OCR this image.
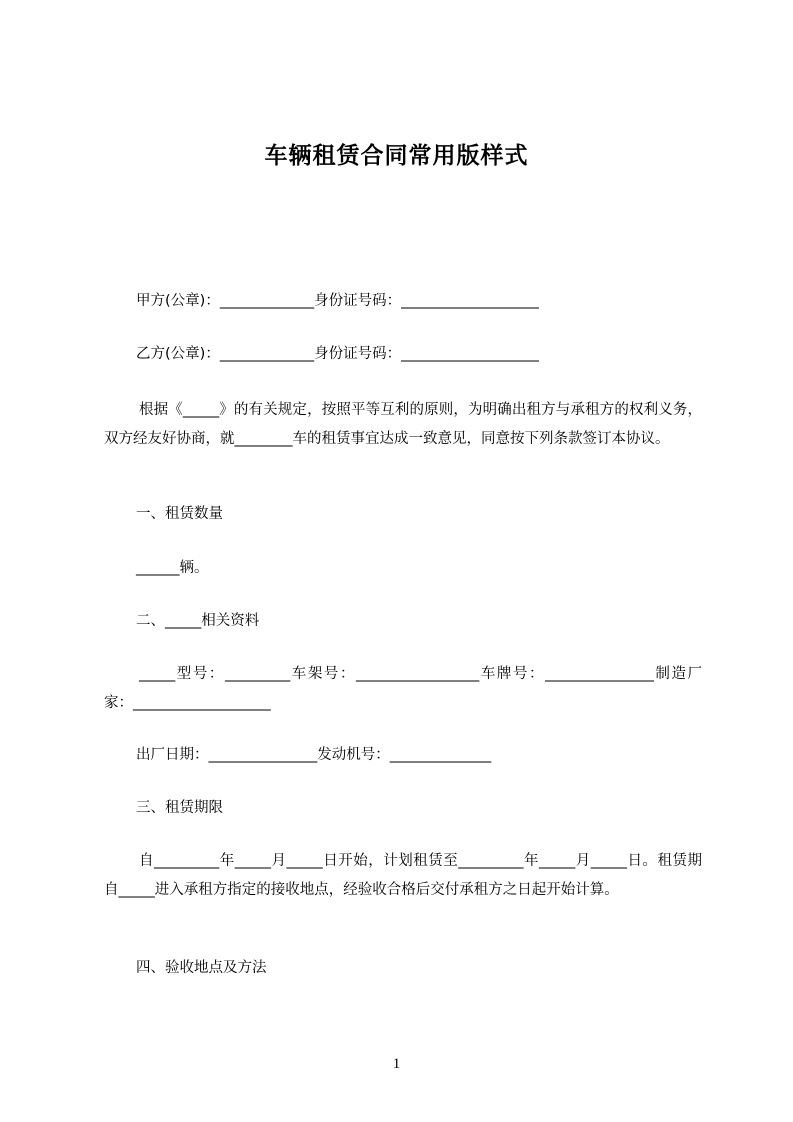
车辆租赁合同常用版样式
甲方(公章)：_____________身份证号码：___________________
乙方(公章)：_____________身份证号码：___________________
根据《_____》的有关规定，按照平等互利的原则，为明确出租方与承租方的权利义务，双方经友好协商，就________车的租赁事宜达成一致意见，同意按下列条款签订本协议。
一、租赁数量
______辆。
二、_____相关资料
_____型号：_________车架号：_________________车牌号：_______________制造厂家：___________________
出厂日期：_______________发动机号：______________
三、租赁期限
自_________年_____月_____日开始，计划租赁至_________年_____月_____日。租赁期自_____进入承租方指定的接收地点，经验收合格后交付承租方之日起开始计算。
四、验收地点及方法
1
